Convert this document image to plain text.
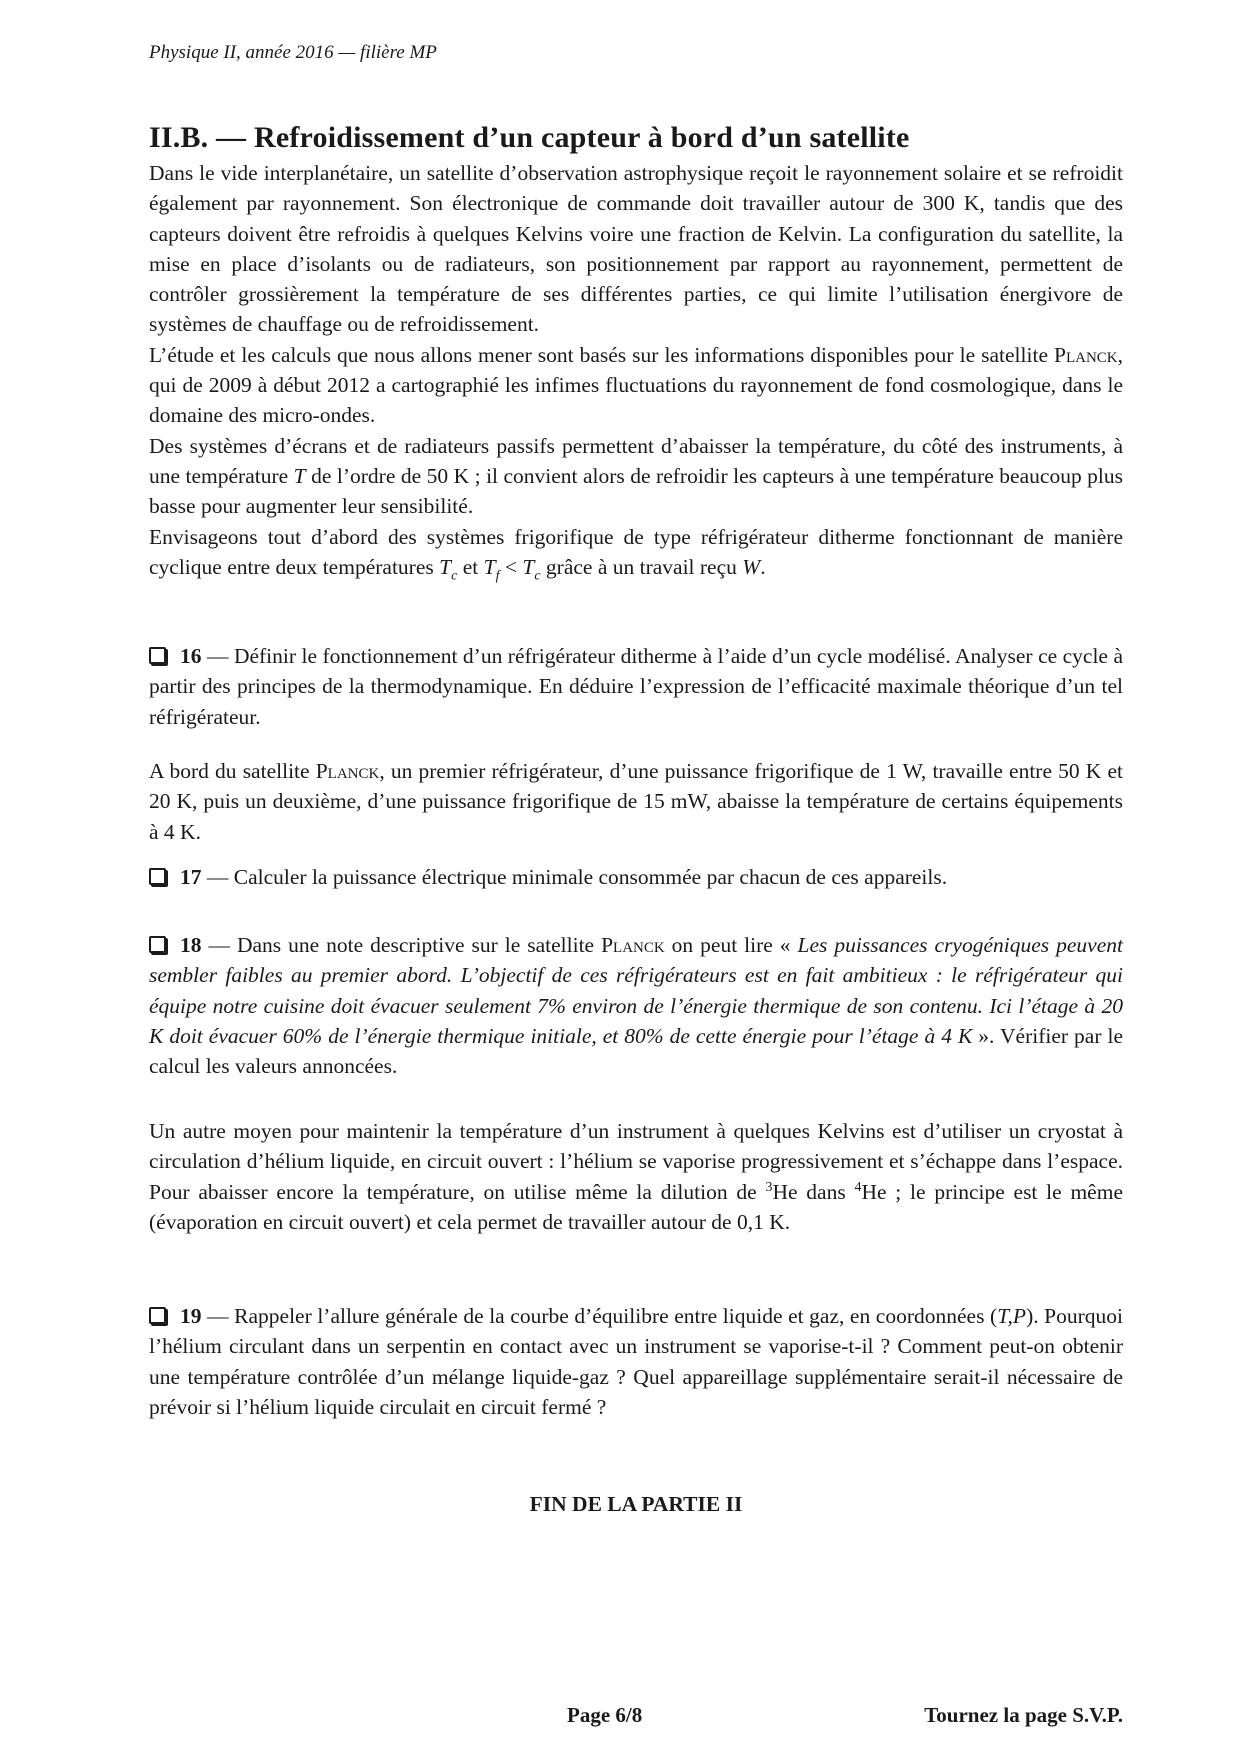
Physique II, année 2016 — filière MP
II.B. — Refroidissement d’un capteur à bord d’un satellite

Dans le vide interplanétaire, un satellite d’observation astrophysique reçoit le rayonnement solaire et se refroidit également par rayonnement. Son électronique de commande doit travailler autour de 300 K, tandis que des capteurs doivent être refroidis à quelques Kelvins voire une fraction de Kelvin. La configuration du satellite, la mise en place d’isolants ou de radiateurs, son positionnement par rapport au rayonnement, permettent de contrôler grossièrement la température de ses différentes parties, ce qui limite l’utilisation énergivore de systèmes de chauffage ou de refroidissement.

L’étude et les calculs que nous allons mener sont basés sur les informations disponibles pour le satellite Planck, qui de 2009 à début 2012 a cartographié les infimes fluctuations du rayonnement de fond cosmologique, dans le domaine des micro-ondes.

Des systèmes d’écrans et de radiateurs passifs permettent d’abaisser la température, du côté des instruments, à une température T de l’ordre de 50 K ; il convient alors de refroidir les capteurs à une température beaucoup plus basse pour augmenter leur sensibilité.

Envisageons tout d’abord des systèmes frigorifique de type réfrigérateur ditherme fonctionnant de manière cyclique entre deux températures $T_c$ et $T_f < T_c$ grâce à un travail reçu W.

16 — Définir le fonctionnement d’un réfrigérateur ditherme à l’aide d’un cycle modélisé. Analyser ce cycle à partir des principes de la thermodynamique. En déduire l’expression de l’efficacité maximale théorique d’un tel réfrigérateur.

A bord du satellite Planck, un premier réfrigérateur, d’une puissance frigorifique de 1 W, travaille entre 50 K et 20 K, puis un deuxième, d’une puissance frigorifique de 15 mW, abaisse la température de certains équipements à 4 K.

17 — Calculer la puissance électrique minimale consommée par chacun de ces appareils.

18 — Dans une note descriptive sur le satellite Planck on peut lire « Les puissances cryogéniques peuvent sembler faibles au premier abord. L’objectif de ces réfrigérateurs est en fait ambitieux : le réfrigérateur qui équipe notre cuisine doit évacuer seulement 7% environ de l’énergie thermique de son contenu. Ici l’étage à 20 K doit évacuer 60% de l’énergie thermique initiale, et 80% de cette énergie pour l’étage à 4 K ». Vérifier par le calcul les valeurs annoncées.

Un autre moyen pour maintenir la température d’un instrument à quelques Kelvins est d’utiliser un cryostat à circulation d’hélium liquide, en circuit ouvert : l’hélium se vaporise progressivement et s’échappe dans l’espace. Pour abaisser encore la température, on utilise même la dilution de $^3$He dans $^4$He ; le principe est le même (évaporation en circuit ouvert) et cela permet de travailler autour de 0,1 K.

19 — Rappeler l’allure générale de la courbe d’équilibre entre liquide et gaz, en coordonnées (T,P). Pourquoi l’hélium circulant dans un serpentin en contact avec un instrument se vaporise-t-il ? Comment peut-on obtenir une température contrôlée d’un mélange liquide-gaz ? Quel appareillage supplémentaire serait-il nécessaire de prévoir si l’hélium liquide circulait en circuit fermé ?

FIN DE LA PARTIE II
Page 6/8	Tournez la page S.V.P.
